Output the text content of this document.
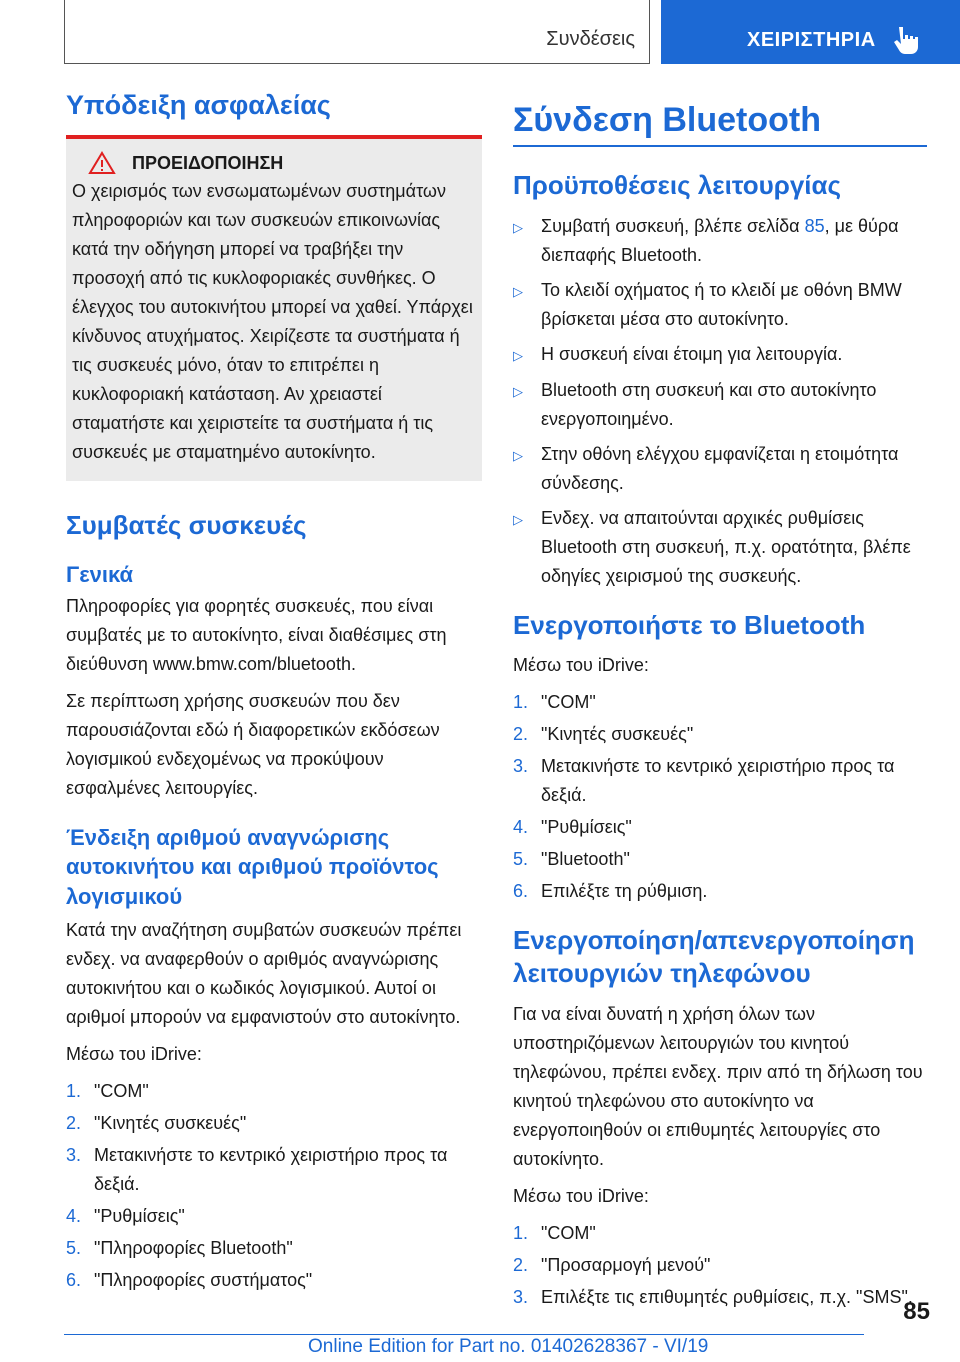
Συνδέσεις	ΧΕΙΡΙΣΤΗΡΙΑ
Υπόδειξη ασφαλείας
ΠΡΟΕΙΔΟΠΟΙΗΣΗ

Ο χειρισμός των ενσωματωμένων συστημάτων πληροφοριών και των συσκευών επικοινωνίας κατά την οδήγηση μπορεί να τραβήξει την προσοχή από τις κυκλοφοριακές συνθήκες. Ο έλεγχος του αυτοκινήτου μπορεί να χαθεί. Υπάρχει κίνδυνος ατυχήματος. Χειρίζεστε τα συστήματα ή τις συσκευές μόνο, όταν το επιτρέπει η κυκλοφοριακή κατάσταση. Αν χρειαστεί σταματήστε και χειριστείτε τα συστήματα ή τις συσκευές με σταματημένο αυτοκίνητο.

Συμβατές συσκευές
Γενικά

Πληροφορίες για φορητές συσκευές, που είναι συμβατές με το αυτοκίνητο, είναι διαθέσιμες στη διεύθυνση www.bmw.com/bluetooth.

Σε περίπτωση χρήσης συσκευών που δεν παρουσιάζονται εδώ ή διαφορετικών εκδόσεων λογισμικού ενδεχομένως να προκύψουν εσφαλμένες λειτουργίες.

Ένδειξη αριθμού αναγνώρισης αυτοκινήτου και αριθμού προϊόντος λογισμικού

Κατά την αναζήτηση συμβατών συσκευών πρέπει ενδεχ. να αναφερθούν ο αριθμός αναγνώρισης αυτοκινήτου και ο κωδικός λογισμικού. Αυτοί οι αριθμοί μπορούν να εμφανιστούν στο αυτοκίνητο.

Μέσω του iDrive:

1. "COM"
2. "Κινητές συσκευές"
3. Μετακινήστε το κεντρικό χειριστήριο προς τα δεξιά.
4. "Ρυθμίσεις"
5. "Πληροφορίες Bluetooth"
6. "Πληροφορίες συστήματος"
Σύνδεση Bluetooth
Προϋποθέσεις λειτουργίας
▷	Συμβατή συσκευή, βλέπε σελίδα 85, με θύρα διεπαφής Bluetooth.
▷	Το κλειδί οχήματος ή το κλειδί με οθόνη BMW βρίσκεται μέσα στο αυτοκίνητο.
▷	Η συσκευή είναι έτοιμη για λειτουργία.
▷	Bluetooth στη συσκευή και στο αυτοκίνητο ενεργοποιημένο.
▷	Στην οθόνη ελέγχου εμφανίζεται η ετοιμότητα σύνδεσης.
▷	Ενδεχ. να απαιτούνται αρχικές ρυθμίσεις Bluetooth στη συσκευή, π.χ. ορατότητα, βλέπε οδηγίες χειρισμού της συσκευής.
Ενεργοποιήστε το Bluetooth

Μέσω του iDrive:

1. "COM"
2. "Κινητές συσκευές"
3. Μετακινήστε το κεντρικό χειριστήριο προς τα δεξιά.
4. "Ρυθμίσεις"
5. "Bluetooth"
6. Επιλέξτε τη ρύθμιση.
Ενεργοποίηση/απενεργοποίηση λειτουργιών τηλεφώνου

Για να είναι δυνατή η χρήση όλων των υποστηριζόμενων λειτουργιών του κινητού τηλεφώνου, πρέπει ενδεχ. πριν από τη δήλωση του κινητού τηλεφώνου στο αυτοκίνητο να ενεργοποιηθούν οι επιθυμητές λειτουργίες στο αυτοκίνητο.

Μέσω του iDrive:

1. "COM"
2. "Προσαρμογή μενού"
3. Επιλέξτε τις επιθυμητές ρυθμίσεις, π.χ. "SMS".
85
Online Edition for Part no. 01402628367 - VI/19
